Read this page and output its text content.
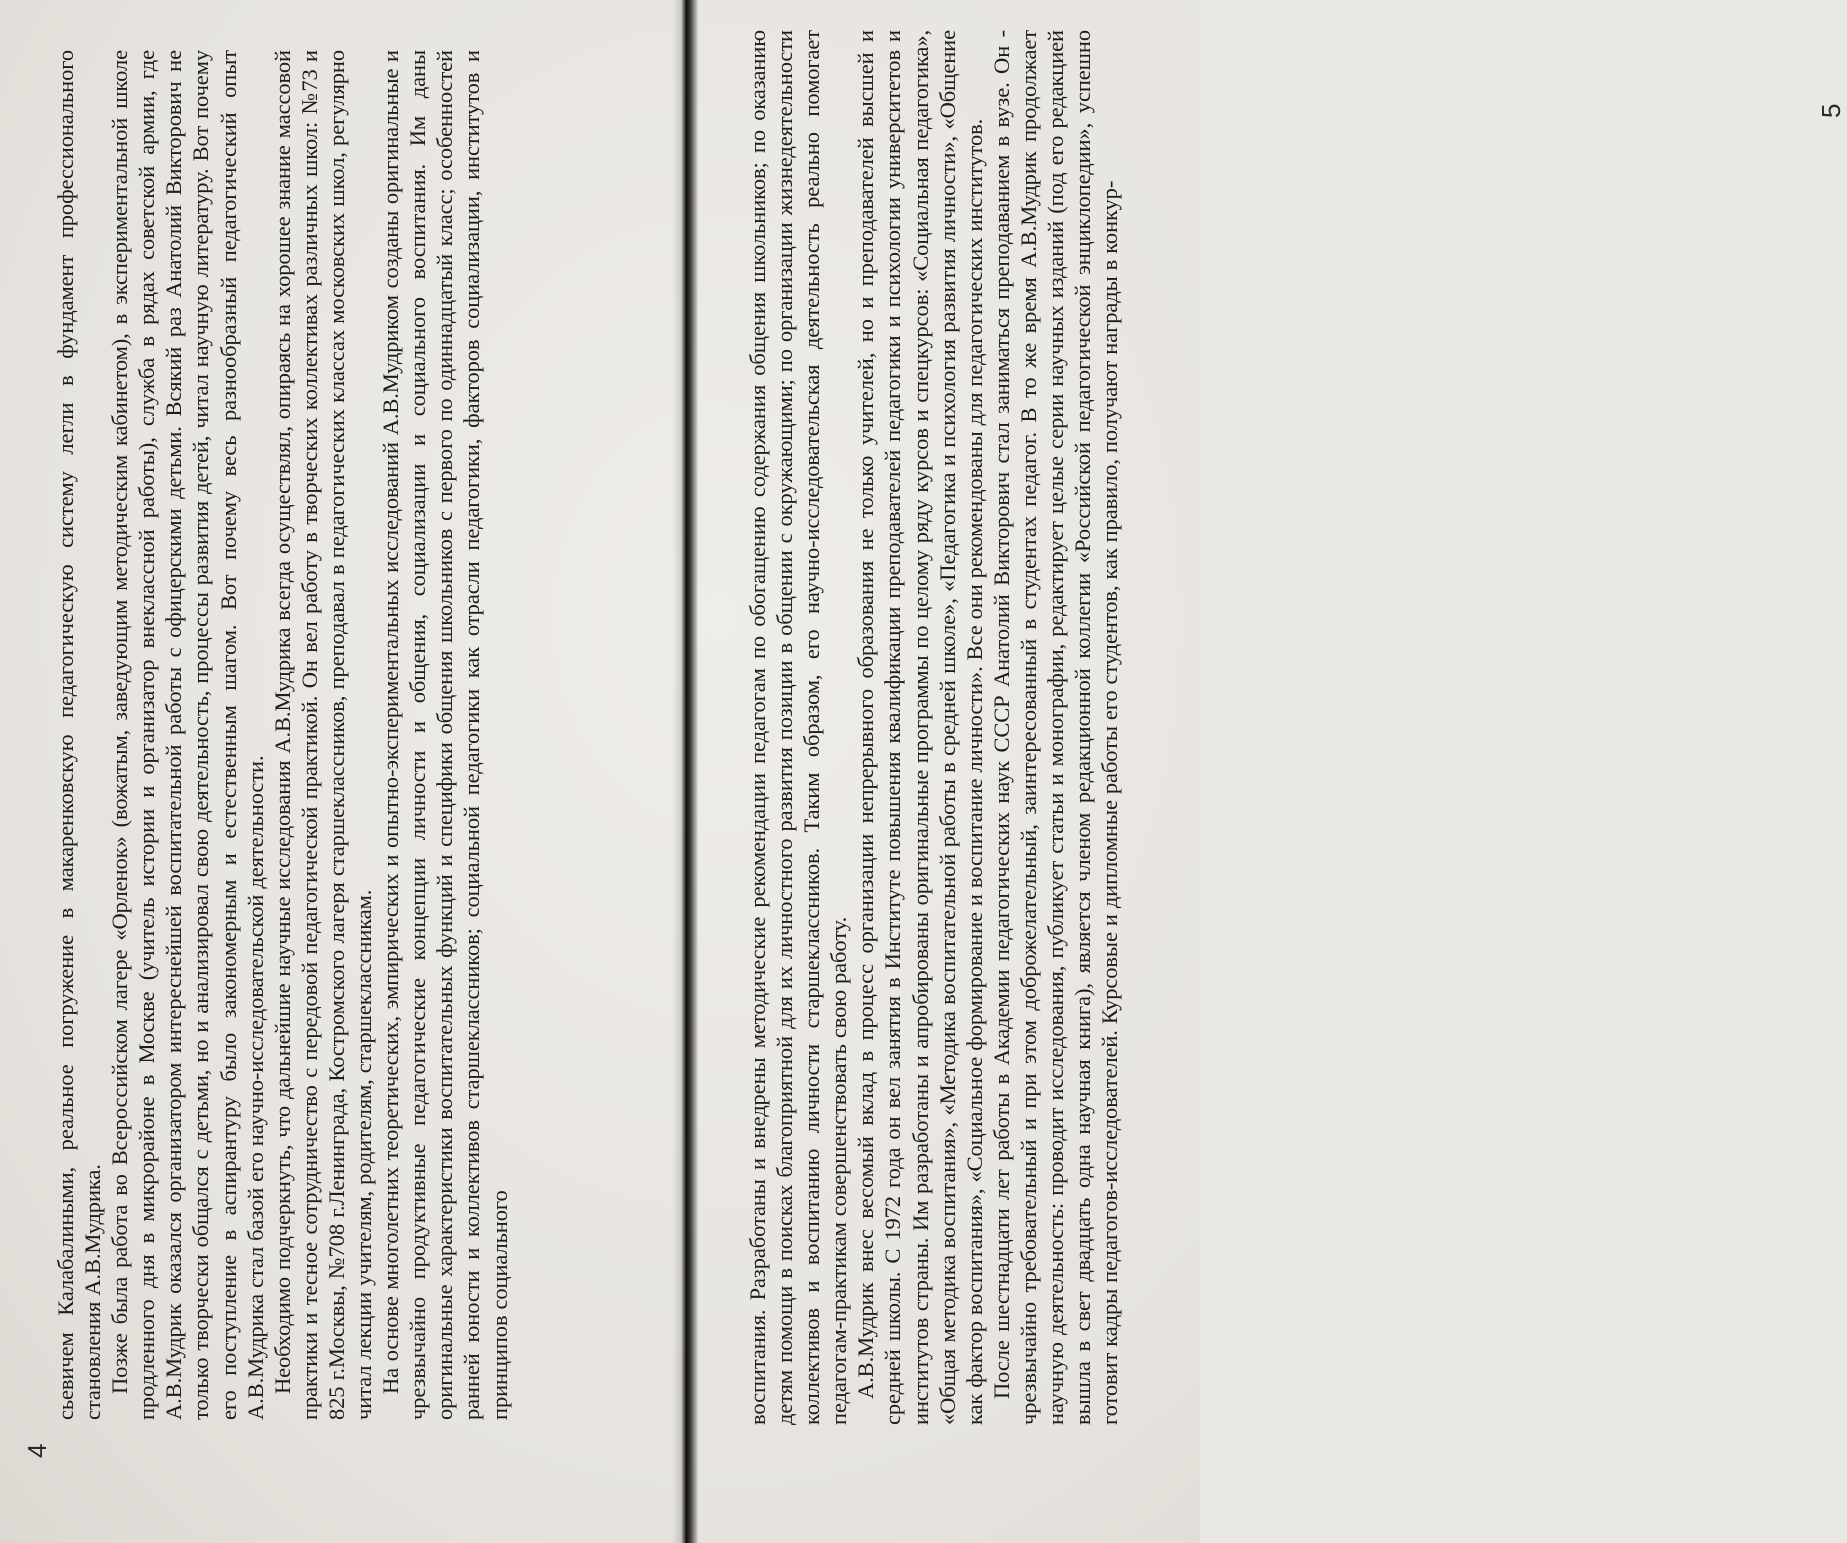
сьевичем Калабалиными, реальное погружение в макаренковскую педагогическую систему легли в фундамент профессионального становления А.В.Мудрика. Позже была работа во Всероссийском лагере «Орленок» (вожатым, заведующим методическим кабинетом), в экспериментальной школе продленного дня в микрорайоне в Москве (учитель истории и организатор внеклассной работы), служба в рядах советской армии, где А.В.Мудрик оказался организатором интереснейшей воспитательной работы с офицерскими детьми. Всякий раз Анатолий Викторович не только творчески общался с детьми, но и анализировал свою деятельность, процессы развития детей, читал научную литературу. Вот почему его поступление в аспирантуру было закономерным и естественным шагом. Вот почему весь разнообразный педагогический опыт А.В.Мудрика стал базой его научно-исследовательской деятельности. Необходимо подчеркнуть, что дальнейшие научные исследования А.В.Мудрика всегда осуществлял, опираясь на хорошее знание массовой практики и тесное сотрудничество с передовой педагогической практикой. Он вел работу в творческих коллективах различных школ: №73 и 825 г.Москвы, №708 г.Ленинграда, Костромского лагеря старшеклассников, преподавал в педагогических классах московских школ, регулярно читал лекции учителям, родителям, старшеклассникам. На основе многолетних теоретических, эмпирических и опытно-экспериментальных исследований А.В.Мудриком созданы оригинальные и чрезвычайно продуктивные педагогические концепции личности и общения, социализации и социального воспитания. Им даны оригинальные характеристики воспитательных функций и специфики общения школьников с первого по одиннадцатый класс; особенностей ранней юности и коллективов старшеклассников; социальной педагогики как отрасли педагогики, факторов социализации, институтов и принципов социального

4

воспитания. Разработаны и внедрены методические рекомендации педагогам по обогащению содержания общения школьников; по оказанию детям помощи в поисках благоприятной для их личностного развития позиции в общении с окружающими; по организации жизнедеятельности коллективов и воспитанию личности старшеклассников. Таким образом, его научно-исследовательская деятельность реально помогает педагогам-практикам совершенствовать свою работу. А.В.Мудрик внес весомый вклад в процесс организации непрерывного образования не только учителей, но и преподавателей высшей и средней школы. С 1972 года он вел занятия в Институте повышения квалификации преподавателей педагогики и психологии университетов и институтов страны. Им разработаны и апробированы оригинальные программы по целому ряду курсов и спецкурсов: «Социальная педагогика», «Общая методика воспитания», «Методика воспитательной работы в средней школе», «Педагогика и психология развития личности», «Общение как фактор воспитания», «Социальное формирование и воспитание личности». Все они рекомендованы для педагогических институтов. После шестнадцати лет работы в Академии педагогических наук СССР Анатолий Викторович стал заниматься преподаванием в вузе. Он - чрезвычайно требовательный и при этом доброжелательный, заинтересованный в студентах педагог. В то же время А.В.Мудрик продолжает научную деятельность: проводит исследования, публикует статьи и монографии, редактирует целые серии научных изданий (под его редакцией вышла в свет двадцать одна научная книга), является членом редакционной коллегии «Российской педагогической энциклопедии», успешно готовит кадры педагогов-исследователей. Курсовые и дипломные работы его студентов, как правило, получают награды в конкур-

5
